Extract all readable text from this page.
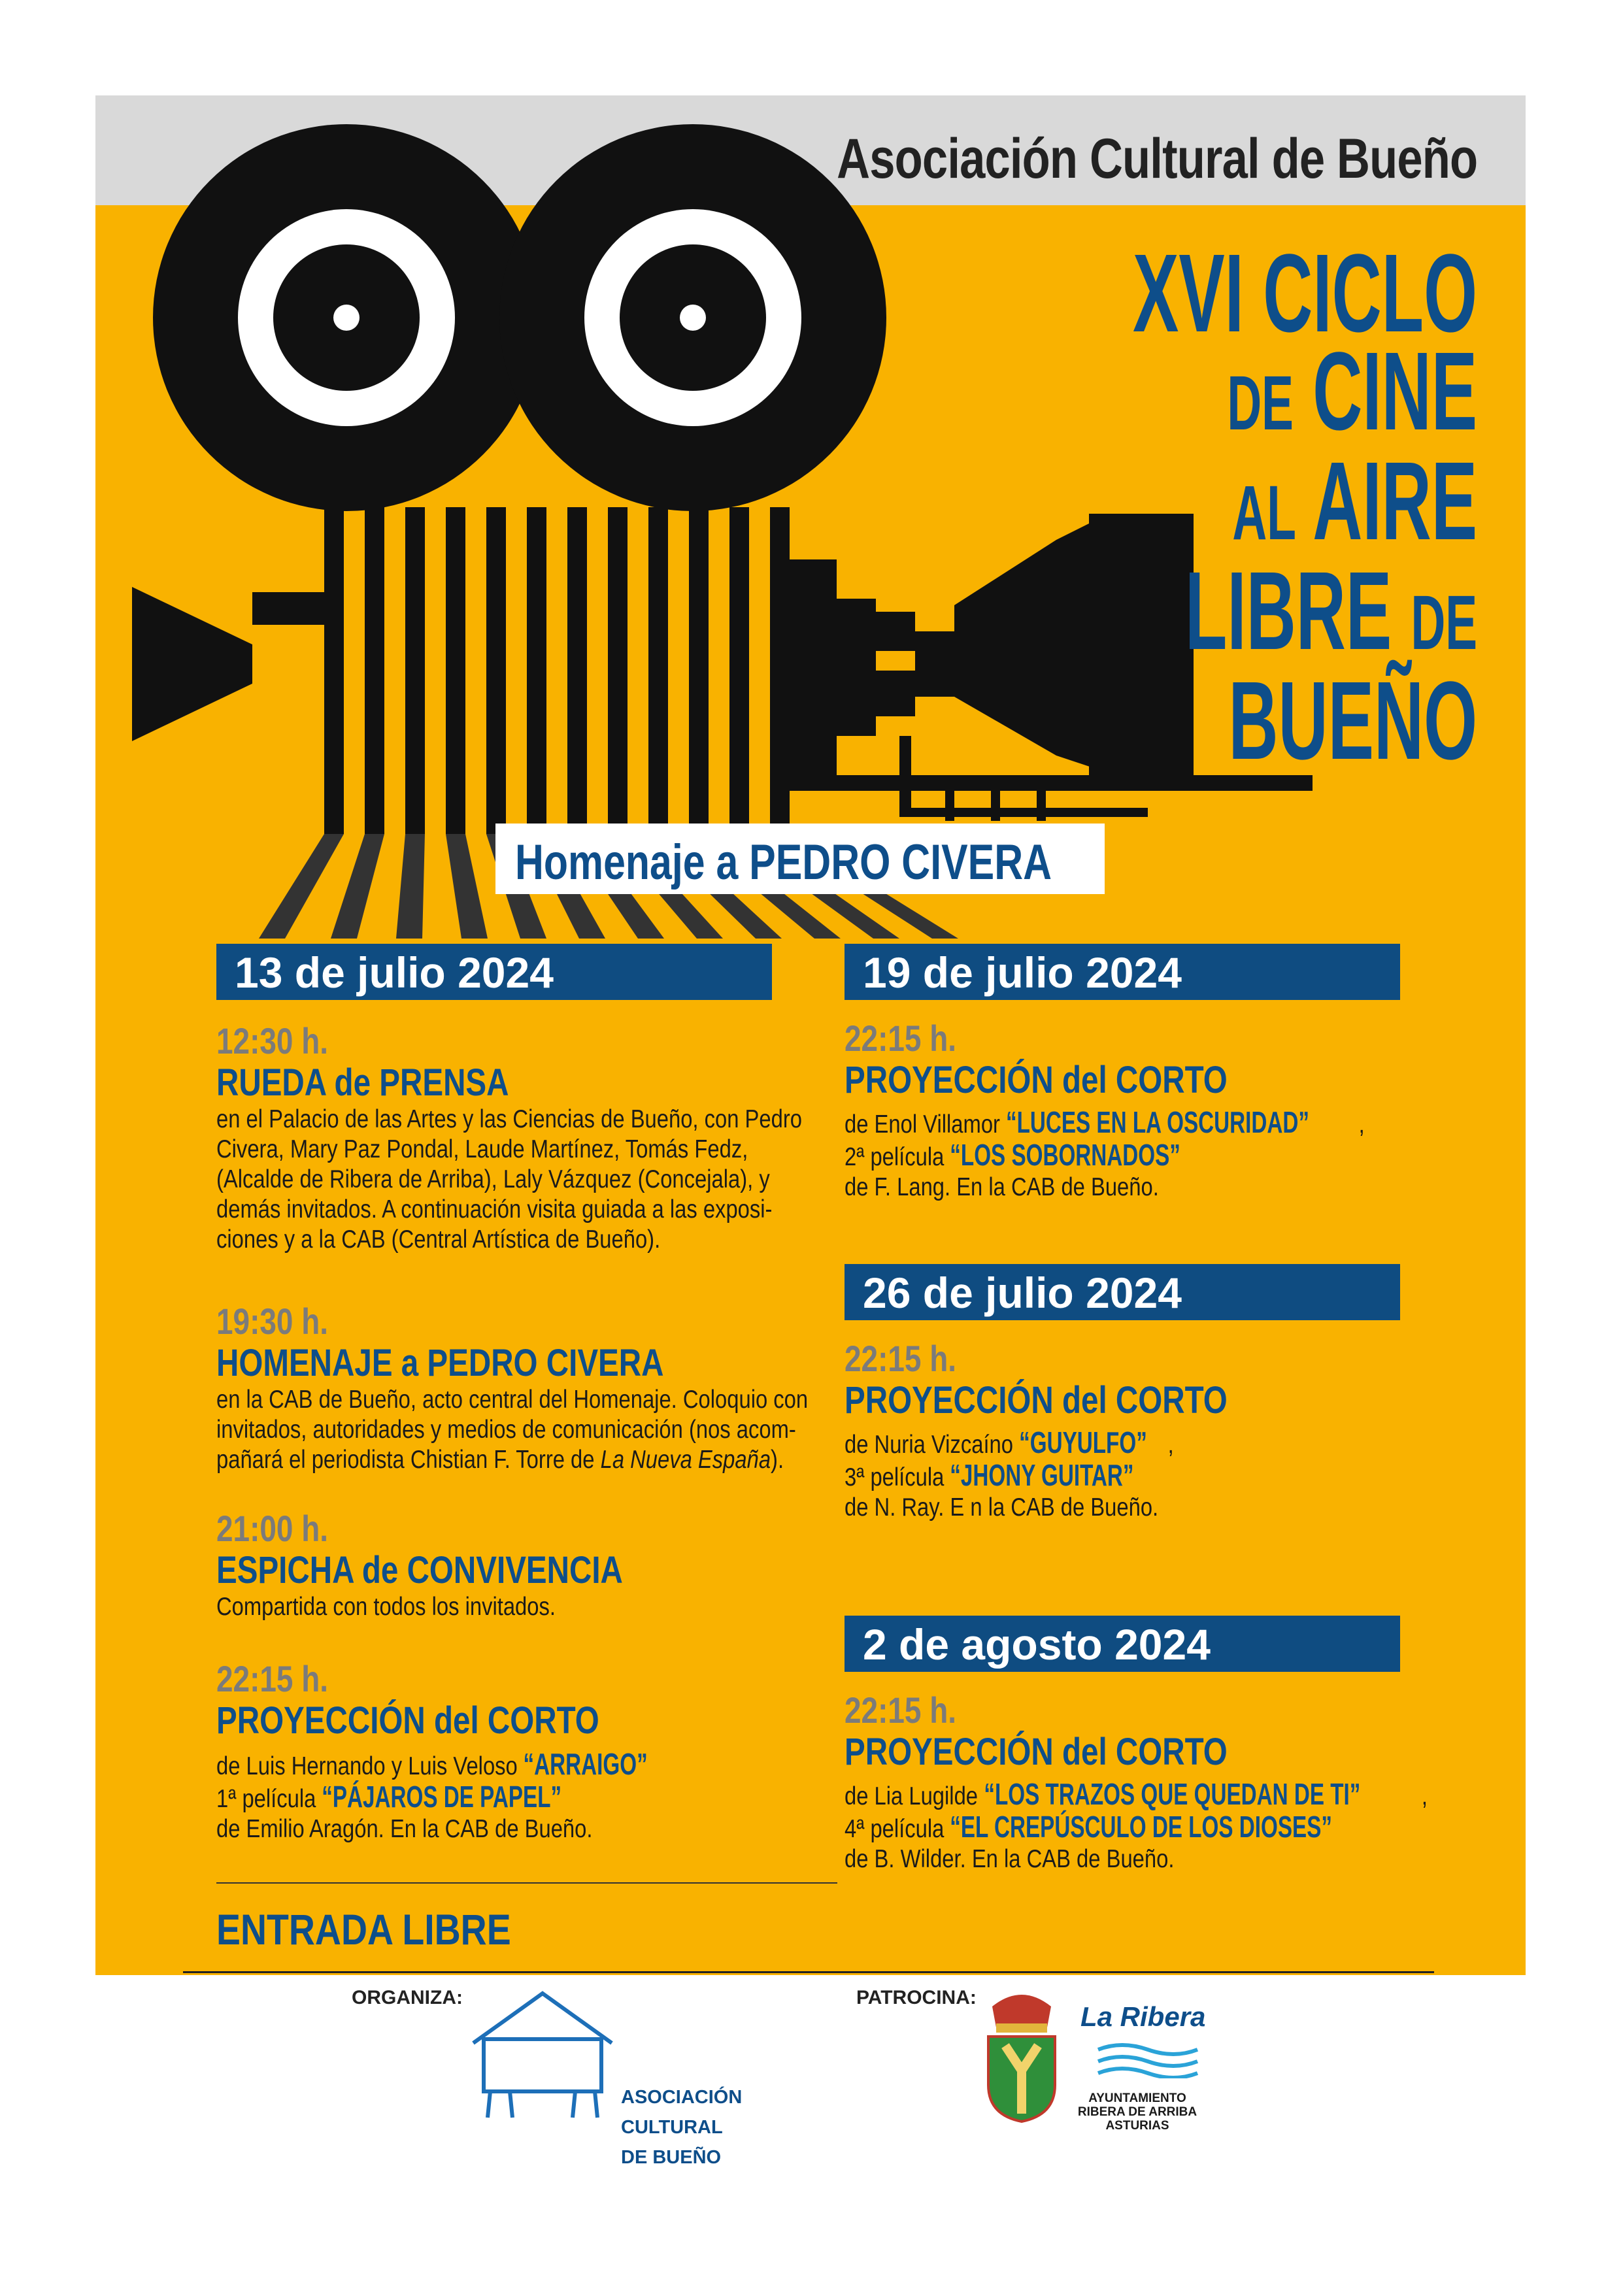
Asociación Cultural de Bueño
XVI CICLO
DE CINE
AL AIRE
LIBRE DE
BUEÑO
Homenaje a PEDRO CIVERA
13 de julio 2024
12:30 h.
RUEDA de PRENSA
en el Palacio de las Artes y las Ciencias de Bueño, con Pedro
Civera, Mary Paz Pondal, Laude Martínez, Tomás Fedz,
(Alcalde de Ribera de Arriba), Laly Vázquez (Concejala), y
demás invitados. A continuación visita guiada a las exposi-
ciones y a la CAB (Central Artística de Bueño).
19:30 h.
HOMENAJE a PEDRO CIVERA
en la CAB de Bueño, acto central del Homenaje. Coloquio con
invitados, autoridades y medios de comunicación (nos acom-
pañará el periodista Chistian F. Torre de La Nueva España).
21:00 h.
ESPICHA de CONVIVENCIA
Compartida con todos los invitados.
22:15 h.
PROYECCIÓN del CORTO
de Luis Hernando y Luis Veloso “ARRAIGO”
1ª película “PÁJAROS DE PAPEL”
de Emilio Aragón. En la CAB de Bueño.
ENTRADA LIBRE
19 de julio 2024
22:15 h.
PROYECCIÓN del CORTO
de Enol Villamor “LUCES EN LA OSCURIDAD” ,
2ª película “LOS SOBORNADOS”
de F. Lang. En la CAB de Bueño.
26 de julio 2024
22:15 h.
PROYECCIÓN del CORTO
de Nuria Vizcaíno “GUYULFO” ,
3ª película “JHONY GUITAR”
de N. Ray. E n la CAB de Bueño.
2 de agosto 2024
22:15 h.
PROYECCIÓN del CORTO
de Lia Lugilde “LOS TRAZOS QUE QUEDAN DE TI” ,
4ª película “EL CREPÚSCULO DE LOS DIOSES”
de B. Wilder. En la CAB de Bueño.
ORGANIZA:	PATROCINA:
ASOCIACIÓN
CULTURAL
DE BUEÑO
La Ribera
AYUNTAMIENTO
RIBERA DE ARRIBA
ASTURIAS
